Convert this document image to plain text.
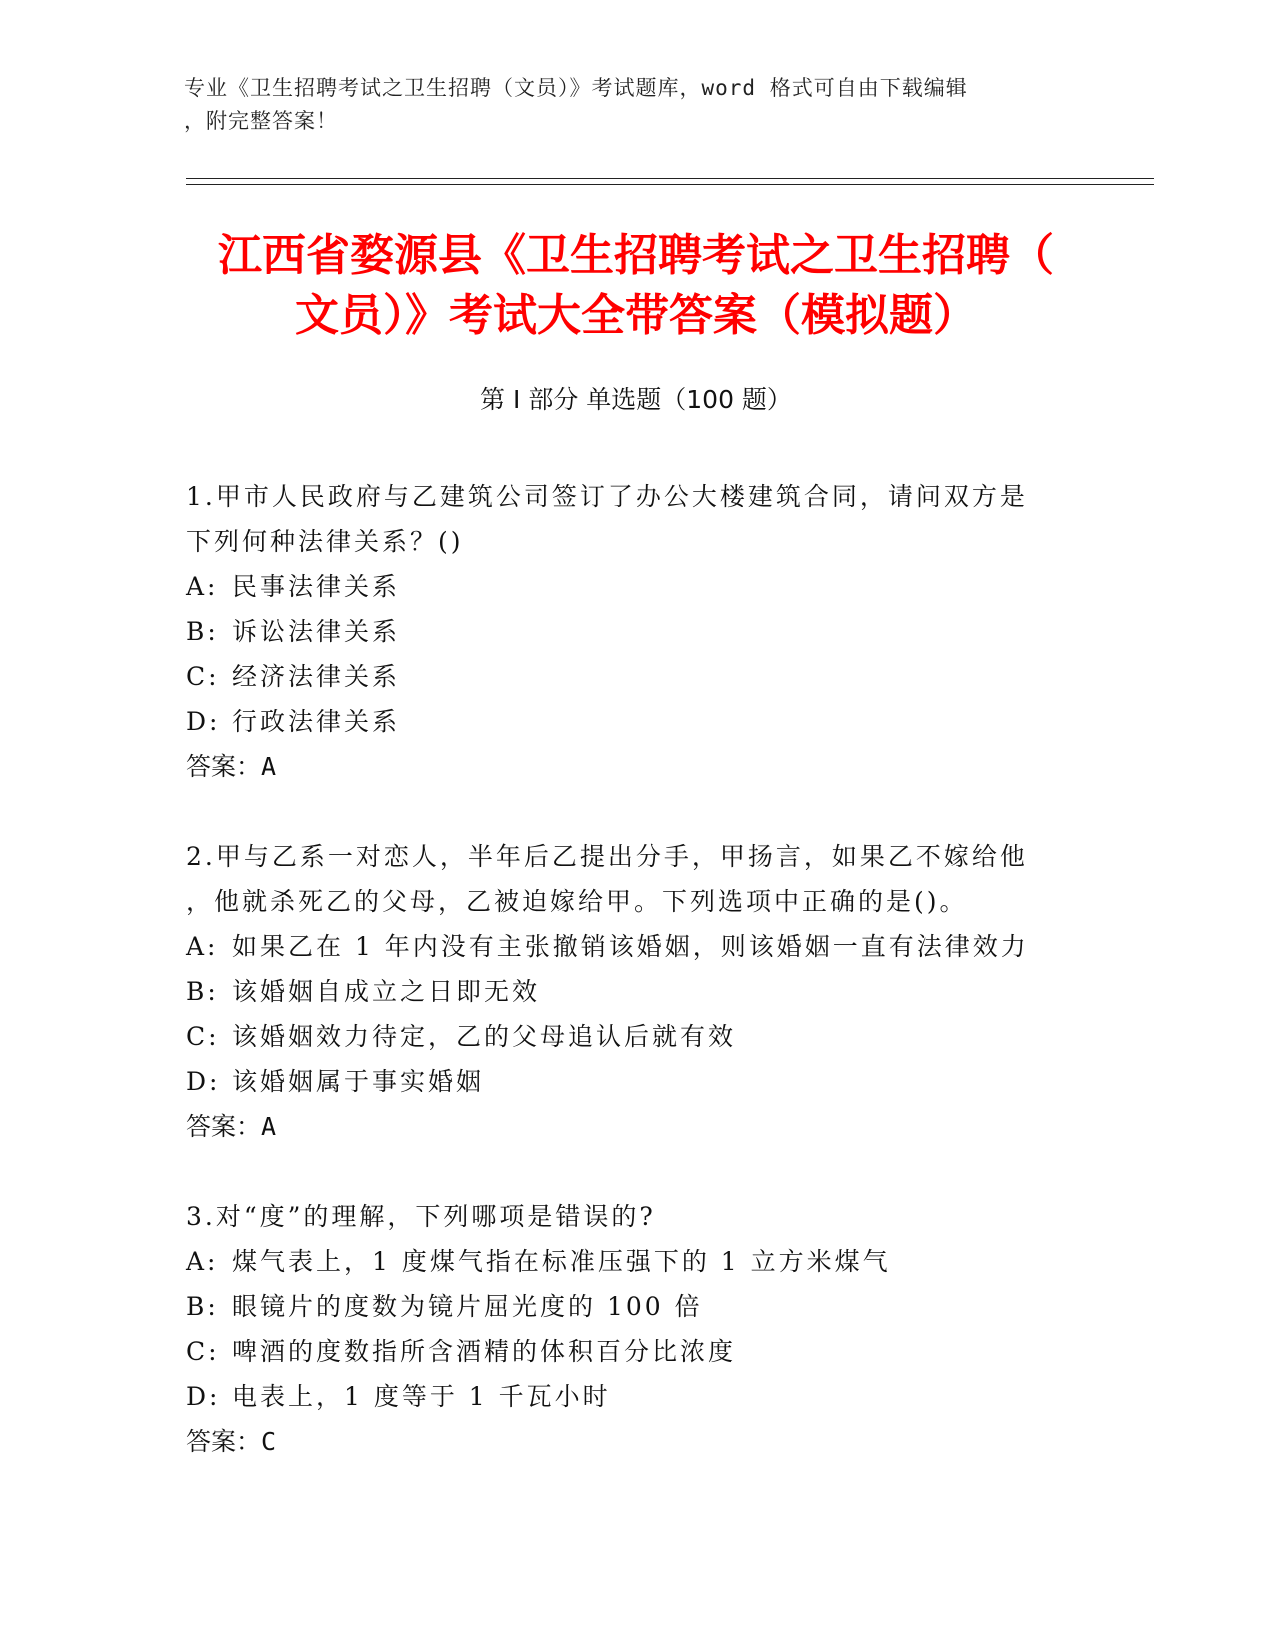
专业《卫生招聘考试之卫生招聘（文员）》考试题库，word 格式可自由下载编辑
，附完整答案！
江西省婺源县《卫生招聘考试之卫生招聘（
文员）》考试大全带答案（模拟题）
第 I 部分 单选题（100 题）
1.甲市人民政府与乙建筑公司签订了办公大楼建筑合同，请问双方是
下列何种法律关系？()
A: 民事法律关系
B: 诉讼法律关系
C: 经济法律关系
D: 行政法律关系
答案：A
2.甲与乙系一对恋人，半年后乙提出分手，甲扬言，如果乙不嫁给他
，他就杀死乙的父母，乙被迫嫁给甲。下列选项中正确的是()。
A: 如果乙在 1 年内没有主张撤销该婚姻，则该婚姻一直有法律效力
B: 该婚姻自成立之日即无效
C: 该婚姻效力待定，乙的父母追认后就有效
D: 该婚姻属于事实婚姻
答案：A
3.对“度”的理解，下列哪项是错误的?
A: 煤气表上，1 度煤气指在标准压强下的 1 立方米煤气
B: 眼镜片的度数为镜片屈光度的 100 倍
C: 啤酒的度数指所含酒精的体积百分比浓度
D: 电表上，1 度等于 1 千瓦小时
答案：C
